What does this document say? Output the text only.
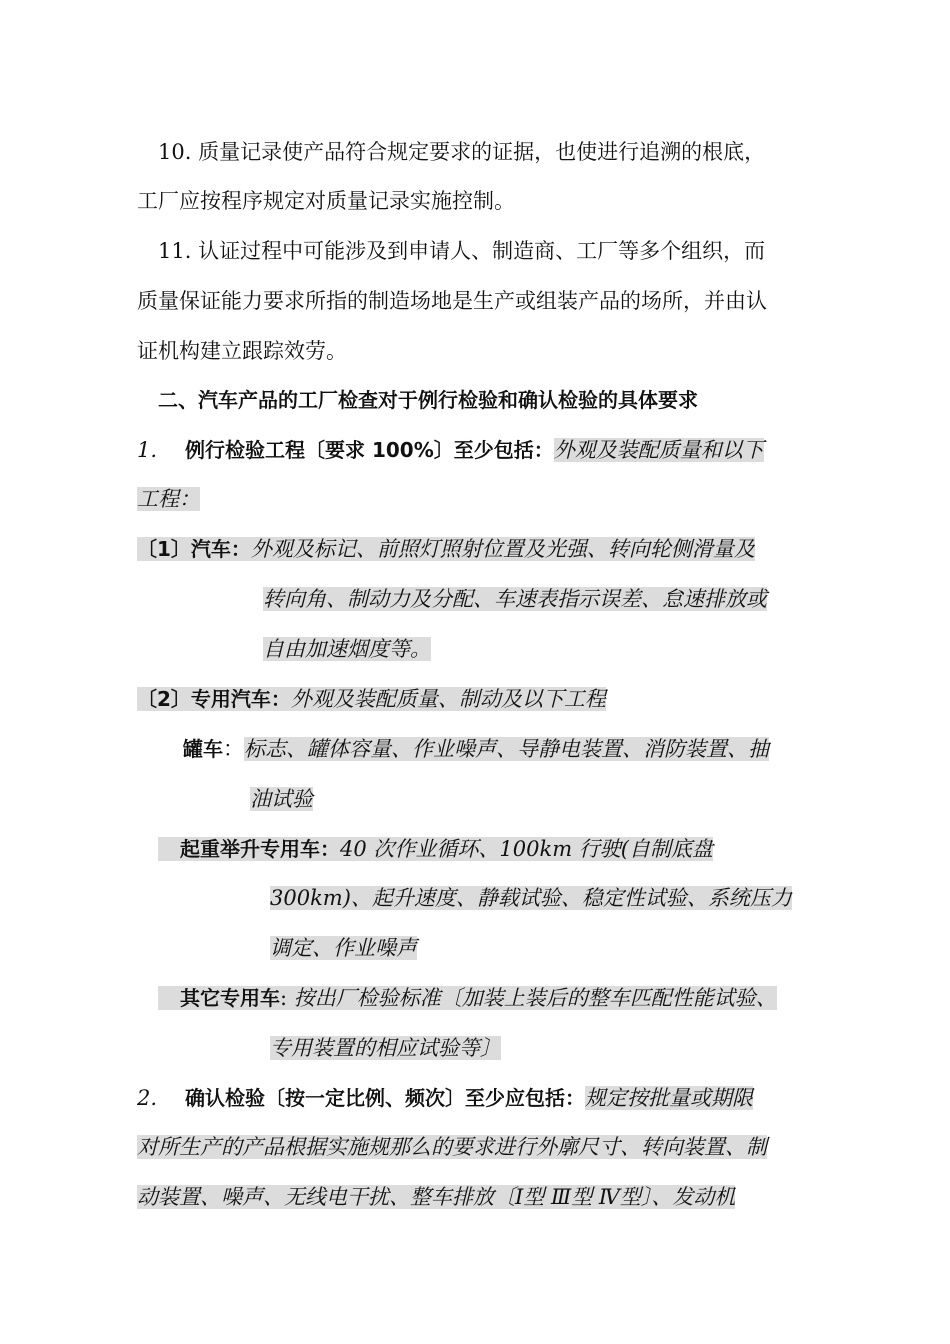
10. 质量记录使产品符合规定要求的证据，也使进行追溯的根底，
工厂应按程序规定对质量记录实施控制。
11. 认证过程中可能涉及到申请人、制造商、工厂等多个组织，而
质量保证能力要求所指的制造场地是生产或组装产品的场所，并由认
证机构建立跟踪效劳。
二、汽车产品的工厂检查对于例行检验和确认检验的具体要求
1. 例行检验工程〔要求 100%〕至少包括：外观及装配质量和以下
工程：
〔1〕汽车：外观及标记、前照灯照射位置及光强、转向轮侧滑量及
转向角、制动力及分配、车速表指示误差、怠速排放或
自由加速烟度等。
〔2〕专用汽车：外观及装配质量、制动及以下工程
罐车：标志、罐体容量、作业噪声、导静电装置、消防装置、抽
油试验
起重举升专用车：40 次作业循环、100km 行驶(自制底盘
300km)、起升速度、静载试验、稳定性试验、系统压力
调定、作业噪声
其它专用车: 按出厂检验标准〔加装上装后的整车匹配性能试验、
专用装置的相应试验等〕
2. 确认检验〔按一定比例、频次〕至少应包括：规定按批量或期限
对所生产的产品根据实施规那么的要求进行外廓尺寸、转向装置、制
动装置、噪声、无线电干扰、整车排放〔Ⅰ型 Ⅲ型 Ⅳ型〕、发动机
